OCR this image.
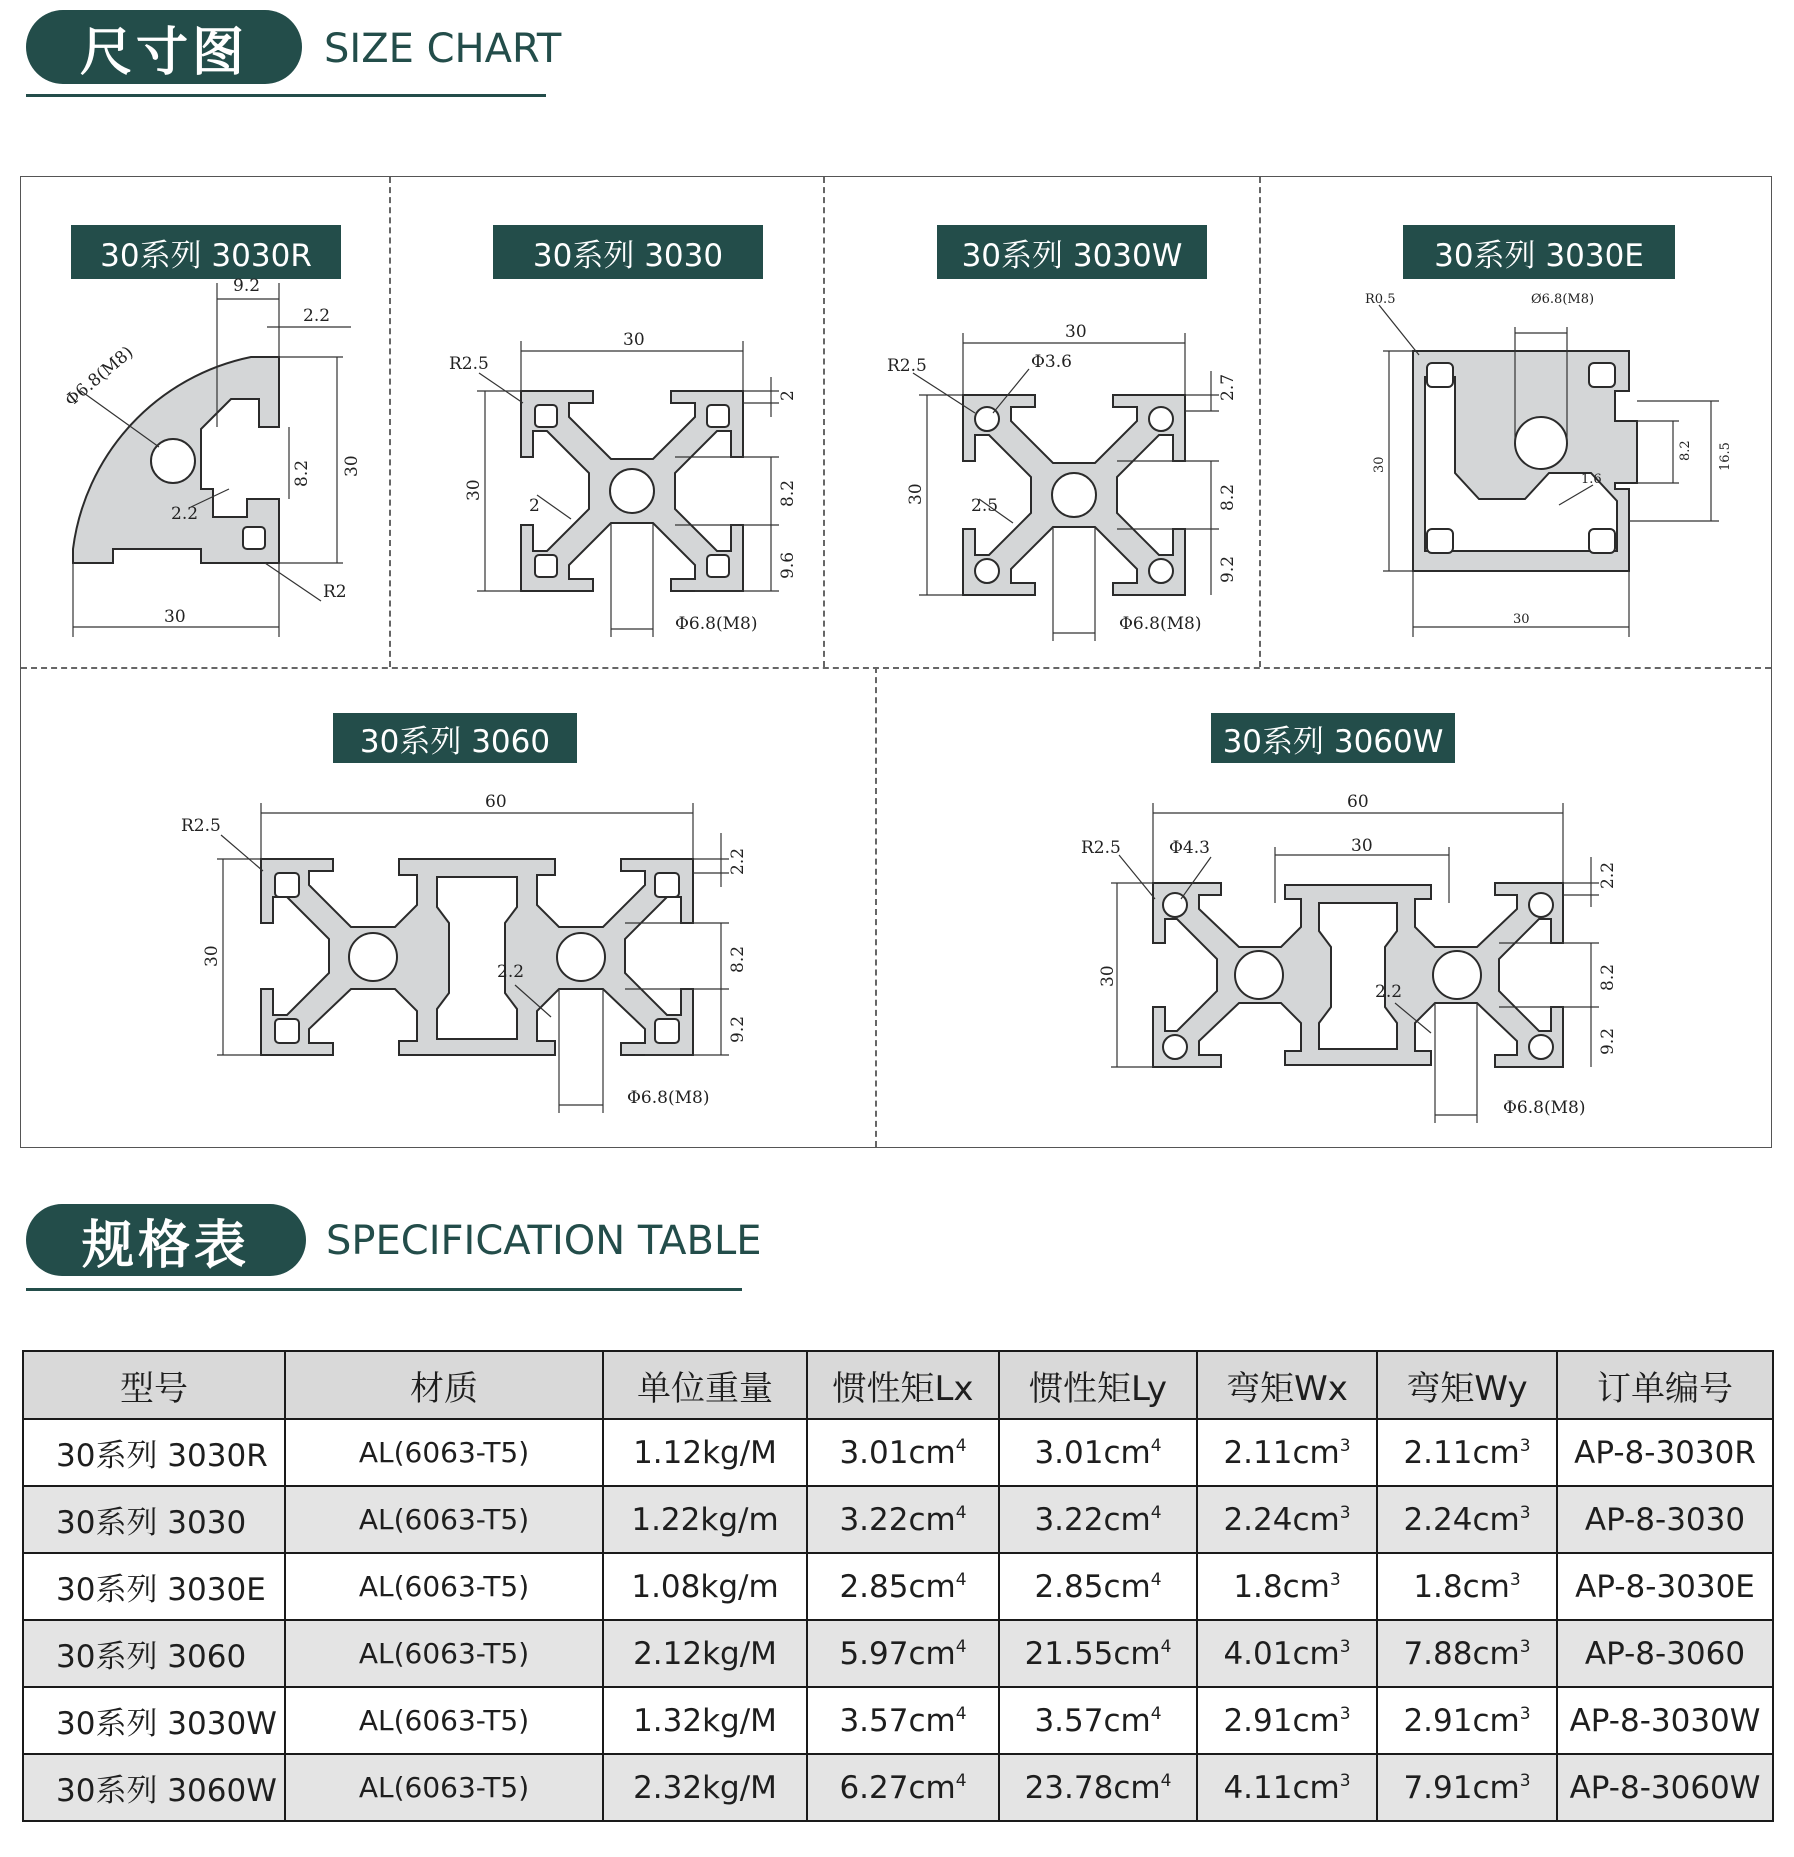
尺寸图	SIZE CHART
30系列 3030R
9.2
2.2
Φ6.8(M8)
30
8.2
2.2
R2
30
30系列 3030
30
R2.5
2
30	8.2
2
9.6
Φ6.8(M8)
30系列 3030W
30
R2.5	Φ3.6
2.7
30
2.5	8.2
9.2
Φ6.8(M8)
30系列 3030E
R0.5	Ø6.8(M8)
30
8.2 16.5
1.6
30
30系列 3060
60
R2.5
2.2
30	8.2
2.2
9.2
Φ6.8(M8)
30系列 3060W
60
R2.5	Φ4.3	30
2.2
30	8.2
2.2
9.2
Φ6.8(M8)
规格表	SPECIFICATION TABLE
型号	材质	单位重量	惯性矩Lx	惯性矩Ly	弯矩Wx	弯矩Wy	订单编号
30系列 3030R	AL(6063-T5)	1.12kg/M	$3.01cm^4$	$3.01cm^4$	$2.11cm^3$	$2.11cm^3$	AP-8-3030R
30系列 3030	AL(6063-T5)	1.22kg/m	$3.22cm^4$	$3.22cm^4$	$2.24cm^3$	$2.24cm^3$	AP-8-3030
30系列 3030E	AL(6063-T5)	1.08kg/m	$2.85cm^4$	$2.85cm^4$	$1.8cm^3$	$1.8cm^3$	AP-8-3030E
30系列 3060	AL(6063-T5)	2.12kg/M	$5.97cm^4$	$21.55cm^4$	$4.01cm^3$	$7.88cm^3$	AP-8-3060
30系列 3030W	AL(6063-T5)	1.32kg/M	$3.57cm^4$	$3.57cm^4$	$2.91cm^3$	$2.91cm^3$	AP-8-3030W
30系列 3060W	AL(6063-T5)	2.32kg/M	$6.27cm^4$	$23.78cm^4$	$4.11cm^3$	$7.91cm^3$	AP-8-3060W
